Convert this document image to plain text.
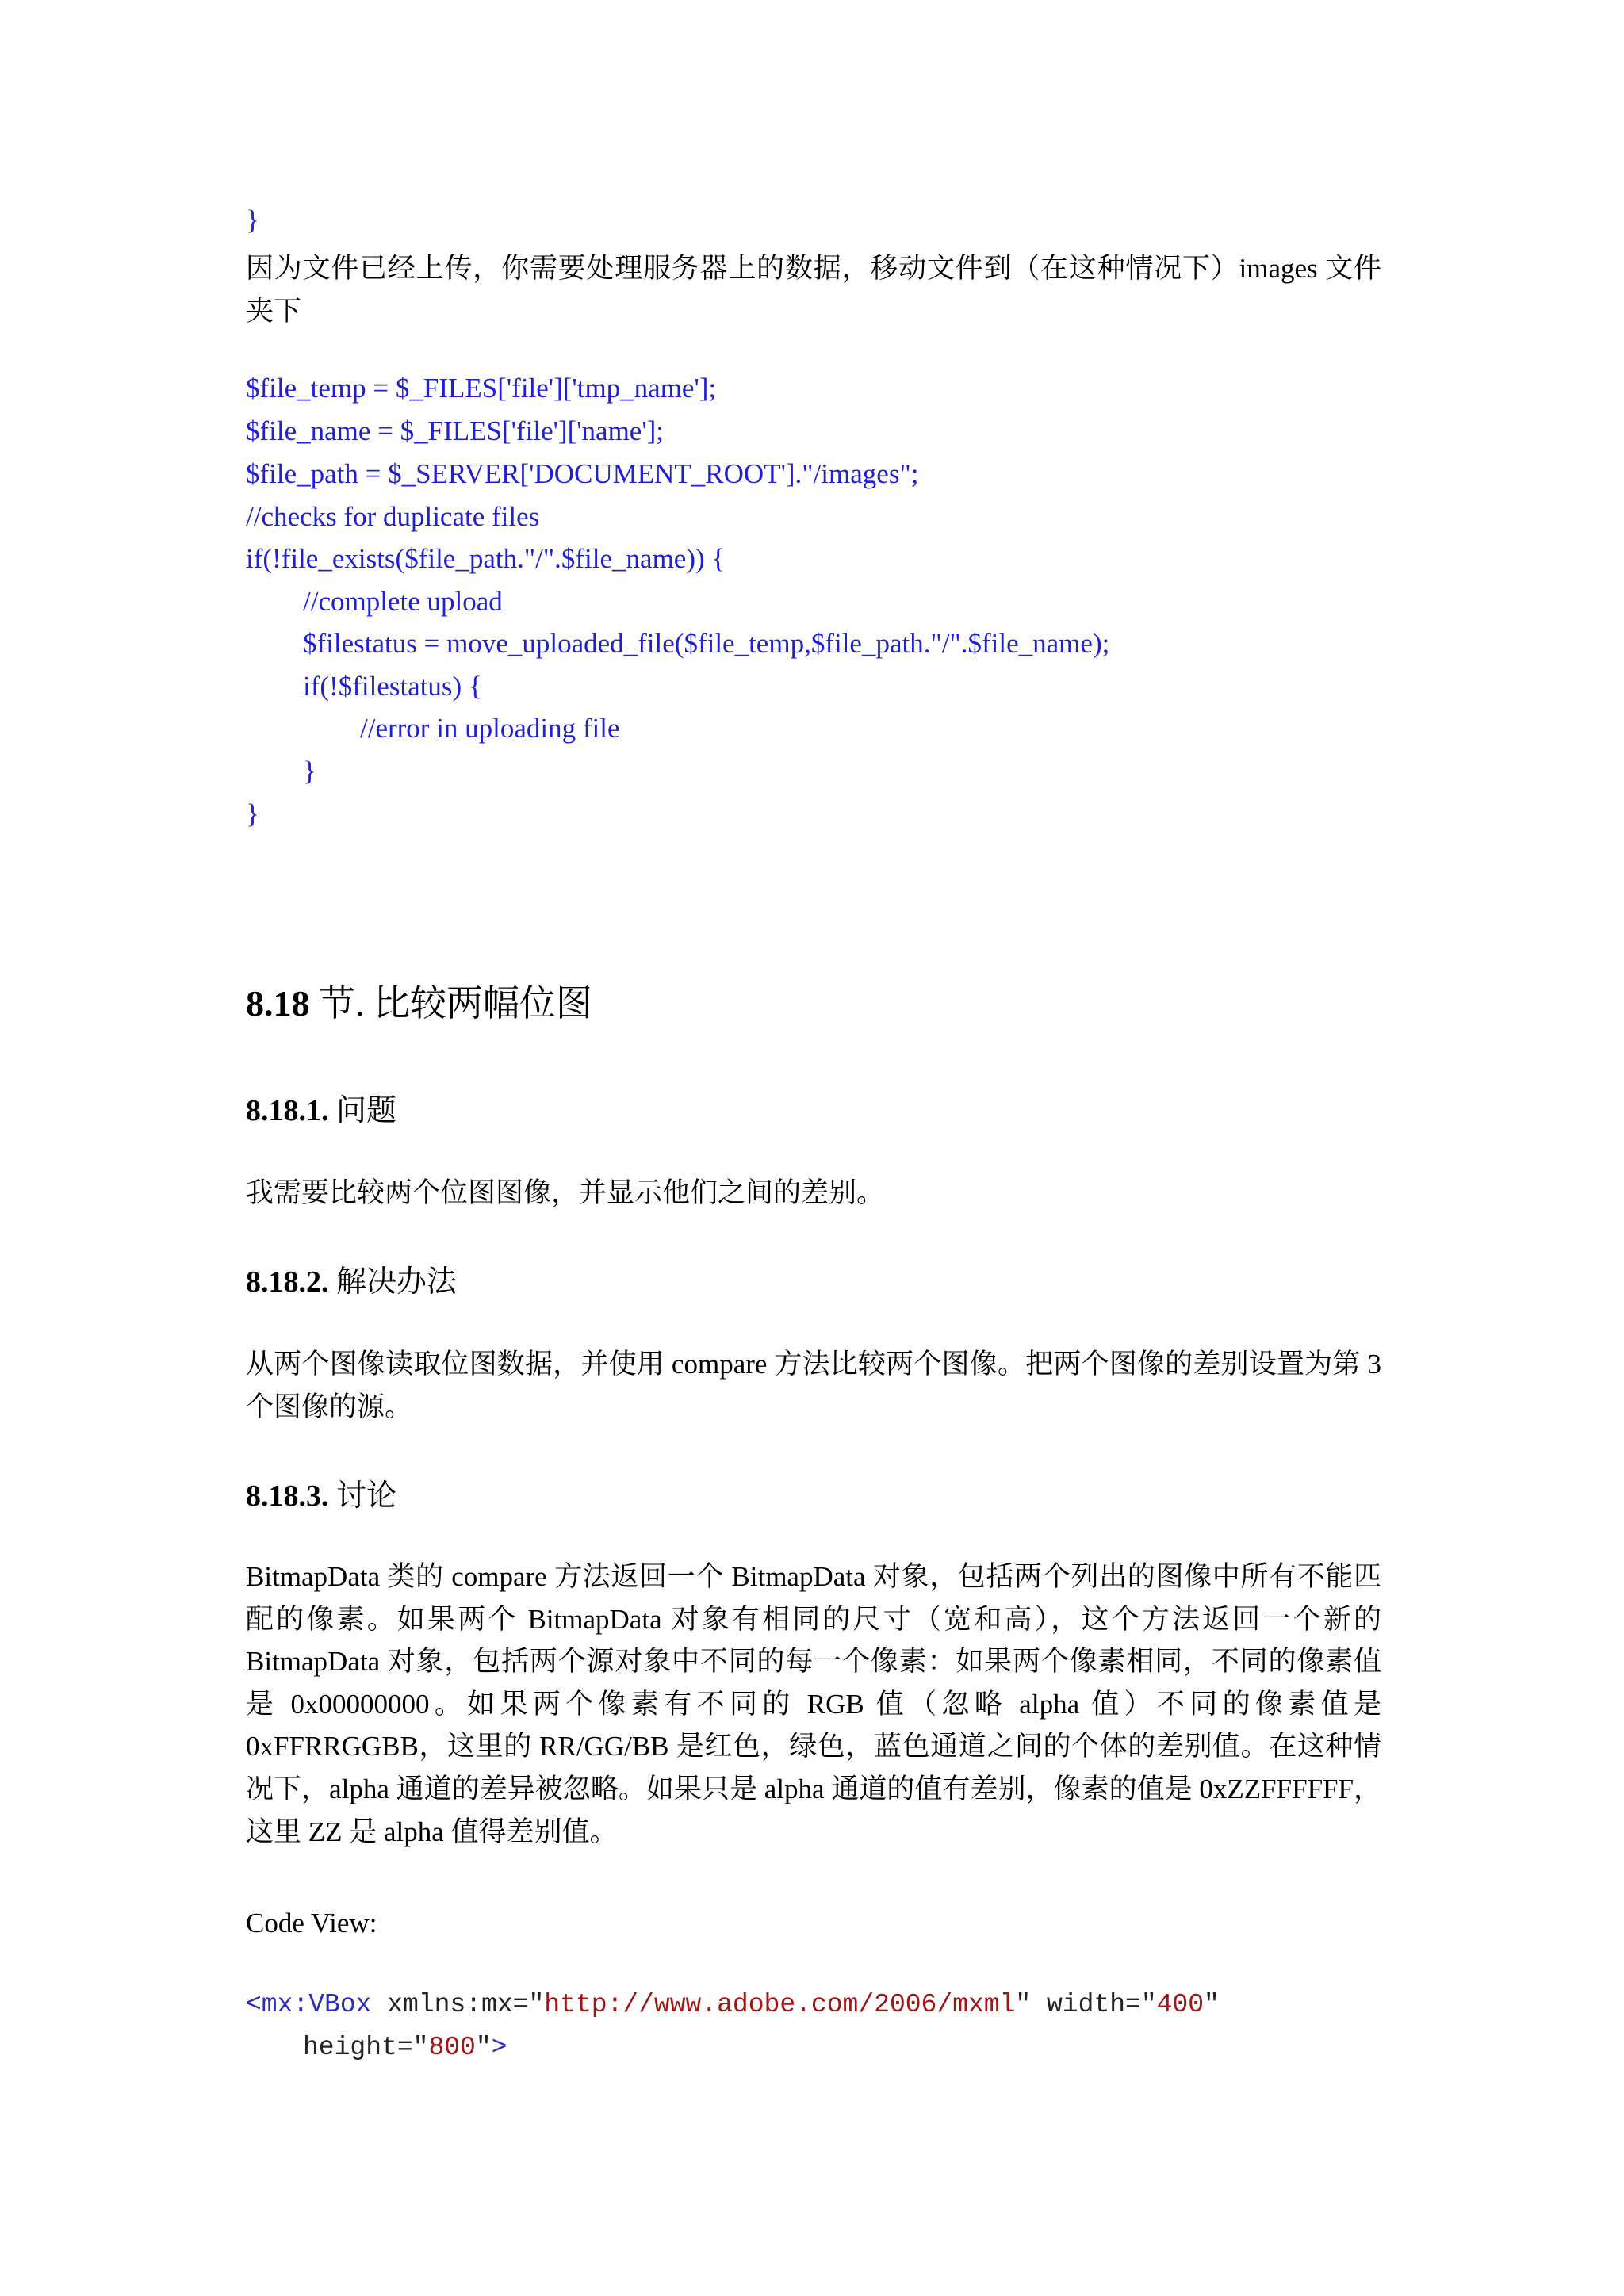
}
因为文件已经上传，你需要处理服务器上的数据，移动文件到（在这种情况下）images 文件夹下
$file_temp = $_FILES['file']['tmp_name'];
$file_name = $_FILES['file']['name'];
$file_path = $_SERVER['DOCUMENT_ROOT']."/images";
//checks for duplicate files
if(!file_exists($file_path."/".$file_name)) {
//complete upload
$filestatus = move_uploaded_file($file_temp,$file_path."/".$file_name);
if(!$filestatus) {
//error in uploading file
}
}
8.18 节. 比较两幅位图
8.18.1. 问题
我需要比较两个位图图像，并显示他们之间的差别。
8.18.2. 解决办法
从两个图像读取位图数据，并使用 compare 方法比较两个图像。把两个图像的差别设置为第 3 个图像的源。
8.18.3. 讨论
BitmapData 类的 compare 方法返回一个 BitmapData 对象，包括两个列出的图像中所有不能匹配的像素。如果两个 BitmapData 对象有相同的尺寸（宽和高），这个方法返回一个新的 BitmapData 对象，包括两个源对象中不同的每一个像素：如果两个像素相同，不同的像素值是 0x00000000。如果两个像素有不同的 RGB 值（忽略 alpha 值）不同的像素值是 0xFFRRGGBB，这里的 RR/GG/BB 是红色，绿色，蓝色通道之间的个体的差别值。在这种情况下，alpha 通道的差异被忽略。如果只是 alpha 通道的值有差别，像素的值是 0xZZFFFFFF，这里 ZZ 是 alpha 值得差别值。
Code View:
<mx:VBox xmlns:mx="http://www.adobe.com/2006/mxml" width="400"
height="800">
